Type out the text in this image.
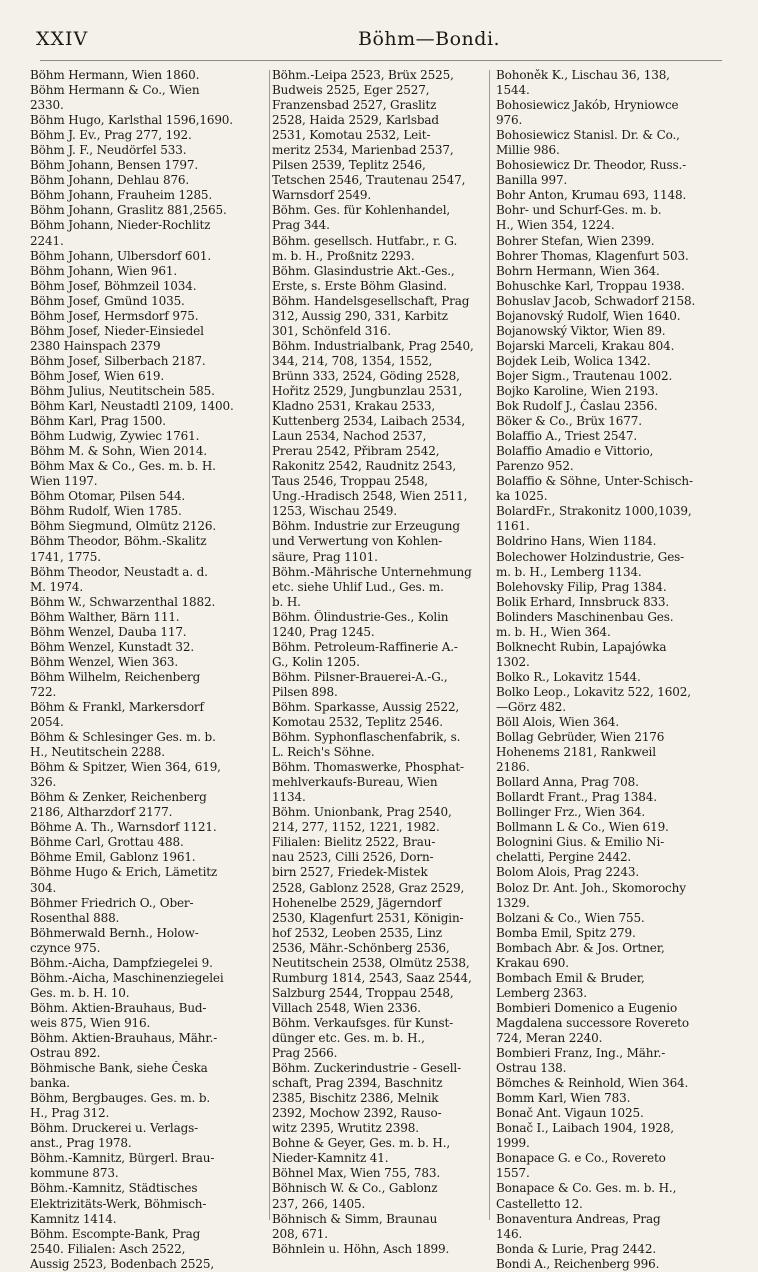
XXIV	Böhm—Bondi.
Böhm Hermann, Wien 1860.
Böhm Hermann & Co., Wien
2330.
Böhm Hugo, Karlsthal 1596,1690.
Böhm J. Ev., Prag 277, 192.
Böhm J. F., Neudörfel 533.
Böhm Johann, Bensen 1797.
Böhm Johann, Dehlau 876.
Böhm Johann, Frauheim 1285.
Böhm Johann, Graslitz 881,2565.
Böhm Johann, Nieder-Rochlitz
2241.
Böhm Johann, Ulbersdorf 601.
Böhm Johann, Wien 961.
Böhm Josef, Böhmzeil 1034.
Böhm Josef, Gmünd 1035.
Böhm Josef, Hermsdorf 975.
Böhm Josef, Nieder-Einsiedel
2380 Hainspach 2379
Böhm Josef, Silberbach 2187.
Böhm Josef, Wien 619.
Böhm Julius, Neutitschein 585.
Böhm Karl, Neustadtl 2109, 1400.
Böhm Karl, Prag 1500.
Böhm Ludwig, Zywiec 1761.
Böhm M. & Sohn, Wien 2014.
Böhm Max & Co., Ges. m. b. H.
Wien 1197.
Böhm Otomar, Pilsen 544.
Böhm Rudolf, Wien 1785.
Böhm Siegmund, Olmütz 2126.
Böhm Theodor, Böhm.-Skalitz
1741, 1775.
Böhm Theodor, Neustadt a. d.
M. 1974.
Böhm W., Schwarzenthal 1882.
Böhm Walther, Bärn 111.
Böhm Wenzel, Dauba 117.
Böhm Wenzel, Kunstadt 32.
Böhm Wenzel, Wien 363.
Böhm Wilhelm, Reichenberg
722.
Böhm & Frankl, Markersdorf
2054.
Böhm & Schlesinger Ges. m. b.
H., Neutitschein 2288.
Böhm & Spitzer, Wien 364, 619,
326.
Böhm & Zenker, Reichenberg
2186, Altharzdorf 2177.
Böhme A. Th., Warnsdorf 1121.
Böhme Carl, Grottau 488.
Böhme Emil, Gablonz 1961.
Böhme Hugo & Erich, Lämetitz
304.
Böhmer Friedrich O., Ober-
Rosenthal 888.
Böhmerwald Bernh., Holow-
czynce 975.
Böhm.-Aicha, Dampfziegelei 9.
Böhm.-Aicha, Maschinenziegelei
Ges. m. b. H. 10.
Böhm. Aktien-Brauhaus, Bud-
weis 875, Wien 916.
Böhm. Aktien-Brauhaus, Mähr.-
Ostrau 892.
Böhmische Bank, siehe Česka
banka.
Böhm, Bergbauges. Ges. m. b.
H., Prag 312.
Böhm. Druckerei u. Verlags-
anst., Prag 1978.
Böhm.-Kamnitz, Bürgerl. Brau-
kommune 873.
Böhm.-Kamnitz, Städtisches
Elektrizitäts-Werk, Böhmisch-
Kamnitz 1414.
Böhm. Escompte-Bank, Prag
2540. Filialen: Asch 2522,
Aussig 2523, Bodenbach 2525,
Böhm.-Leipa 2523, Brüx 2525,
Budweis 2525, Eger 2527,
Franzensbad 2527, Graslitz
2528, Haida 2529, Karlsbad
2531, Komotau 2532, Leit-
meritz 2534, Marienbad 2537,
Pilsen 2539, Teplitz 2546,
Tetschen 2546, Trautenau 2547,
Warnsdorf 2549.
Böhm. Ges. für Kohlenhandel,
Prag 344.
Böhm. gesellsch. Hutfabr., r. G.
m. b. H., Proßnitz 2293.
Böhm. Glasindustrie Akt.-Ges.,
Erste, s. Erste Böhm Glasind.
Böhm. Handelsgesellschaft, Prag
312, Aussig 290, 331, Karbitz
301, Schönfeld 316.
Böhm. Industrialbank, Prag 2540,
344, 214, 708, 1354, 1552,
Brünn 333, 2524, Göding 2528,
Hořitz 2529, Jungbunzlau 2531,
Kladno 2531, Krakau 2533,
Kuttenberg 2534, Laibach 2534,
Laun 2534, Nachod 2537,
Prerau 2542, Přibram 2542,
Rakonitz 2542, Raudnitz 2543,
Taus 2546, Troppau 2548,
Ung.-Hradisch 2548, Wien 2511,
1253, Wischau 2549.
Böhm. Industrie zur Erzeugung
und Verwertung von Kohlen-
säure, Prag 1101.
Böhm.-Mährische Unternehmung
etc. siehe Uhlif Lud., Ges. m.
b. H.
Böhm. Ölindustrie-Ges., Kolin
1240, Prag 1245.
Böhm. Petroleum-Raffinerie A.-
G., Kolin 1205.
Böhm. Pilsner-Brauerei-A.-G.,
Pilsen 898.
Böhm. Sparkasse, Aussig 2522,
Komotau 2532, Teplitz 2546.
Böhm. Syphonflaschenfabrik, s.
L. Reich's Söhne.
Böhm. Thomaswerke, Phosphat-
mehlverkaufs-Bureau, Wien
1134.
Böhm. Unionbank, Prag 2540,
214, 277, 1152, 1221, 1982.
Filialen: Bielitz 2522, Brau-
nau 2523, Cilli 2526, Dorn-
birn 2527, Friedek-Mistek
2528, Gablonz 2528, Graz 2529,
Hohenelbe 2529, Jägerndorf
2530, Klagenfurt 2531, Königin-
hof 2532, Leoben 2535, Linz
2536, Mähr.-Schönberg 2536,
Neutitschein 2538, Olmütz 2538,
Rumburg 1814, 2543, Saaz 2544,
Salzburg 2544, Troppau 2548,
Villach 2548, Wien 2336.
Böhm. Verkaufsges. für Kunst-
dünger etc. Ges. m. b. H.,
Prag 2566.
Böhm. Zuckerindustrie - Gesell-
schaft, Prag 2394, Baschnitz
2385, Bischitz 2386, Melnik
2392, Mochow 2392, Rauso-
witz 2395, Wrutitz 2398.
Bohne & Geyer, Ges. m. b. H.,
Nieder-Kamnitz 41.
Böhnel Max, Wien 755, 783.
Böhnisch W. & Co., Gablonz
237, 266, 1405.
Böhnisch & Simm, Braunau
208, 671.
Böhnlein u. Höhn, Asch 1899.
Bohoněk K., Lischau 36, 138,
1544.
Bohosiewicz Jakób, Hryniowce
976.
Bohosiewicz Stanisl. Dr. & Co.,
Millie 986.
Bohosiewicz Dr. Theodor, Russ.-
Banilla 997.
Bohr Anton, Krumau 693, 1148.
Bohr- und Schurf-Ges. m. b.
H., Wien 354, 1224.
Bohrer Stefan, Wien 2399.
Bohrer Thomas, Klagenfurt 503.
Bohrn Hermann, Wien 364.
Bohuschke Karl, Troppau 1938.
Bohuslav Jacob, Schwadorf 2158.
Bojanovský Rudolf, Wien 1640.
Bojanowský Viktor, Wien 89.
Bojarski Marceli, Krakau 804.
Bojdek Leib, Wolica 1342.
Bojer Sigm., Trautenau 1002.
Bojko Karoline, Wien 2193.
Bok Rudolf J., Časlau 2356.
Böker & Co., Brüx 1677.
Bolaffio A., Triest 2547.
Bolaffio Amadio e Vittorio,
Parenzo 952.
Bolaffio & Söhne, Unter-Schisch-
ka 1025.
BolardFr., Strakonitz 1000,1039,
1161.
Boldrino Hans, Wien 1184.
Bolechower Holzindustrie, Ges-
m. b. H., Lemberg 1134.
Bolehovsky Filip, Prag 1384.
Bolik Erhard, Innsbruck 833.
Bolinders Maschinenbau Ges.
m. b. H., Wien 364.
Bolknecht Rubin, Lapajówka
1302.
Bolko R., Lokavitz 1544.
Bolko Leop., Lokavitz 522, 1602,
—Görz 482.
Böll Alois, Wien 364.
Bollag Gebrüder, Wien 2176
Hohenems 2181, Rankweil
2186.
Bollard Anna, Prag 708.
Bollardt Frant., Prag 1384.
Bollinger Frz., Wien 364.
Bollmann L & Co., Wien 619.
Bolognini Gius. & Emilio Ni-
chelatti, Pergine 2442.
Bolom Alois, Prag 2243.
Boloz Dr. Ant. Joh., Skomorochy
1329.
Bolzani & Co., Wien 755.
Bomba Emil, Spitz 279.
Bombach Abr. & Jos. Ortner,
Krakau 690.
Bombach Emil & Bruder,
Lemberg 2363.
Bombieri Domenico a Eugenio
Magdalena successore Rovereto
724, Meran 2240.
Bombieri Franz, Ing., Mähr.-
Ostrau 138.
Bömches & Reinhold, Wien 364.
Bomm Karl, Wien 783.
Bonač Ant. Vigaun 1025.
Bonač I., Laibach 1904, 1928,
1999.
Bonapace G. e Co., Rovereto
1557.
Bonapace & Co. Ges. m. b. H.,
Castelletto 12.
Bonaventura Andreas, Prag
146.
Bonda & Lurie, Prag 2442.
Bondi A., Reichenberg 996.
